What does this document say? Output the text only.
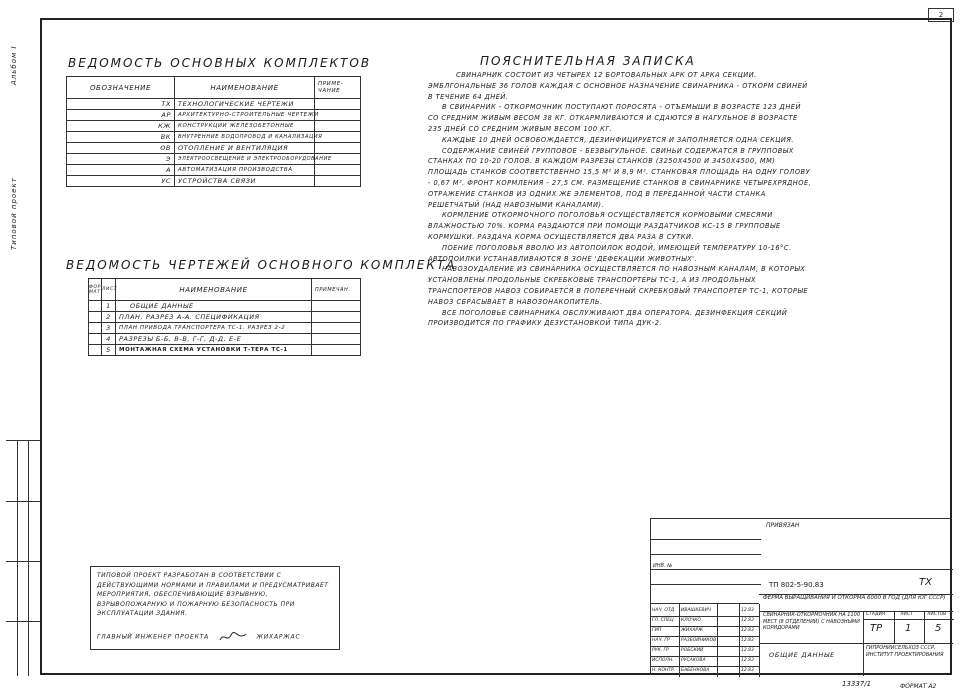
Альбом I
Типовой проект
2
ВЕДОМОСТЬ ОСНОВНЫХ КОМПЛЕКТОВ
ОБОЗНАЧЕНИЕ	НАИМЕНОВАНИЕ	ПРИМЕ-ЧАНИЕ
ТХ	ТЕХНОЛОГИЧЕСКИЕ ЧЕРТЕЖИ	
АР	АРХИТЕКТУРНО-СТРОИТЕЛЬНЫЕ ЧЕРТЕЖИ	
КЖ	КОНСТРУКЦИИ ЖЕЛЕЗОБЕТОННЫЕ	
ВК	ВНУТРЕННИЕ ВОДОПРОВОД И КАНАЛИЗАЦИЯ	
ОВ	ОТОПЛЕНИЕ И ВЕНТИЛЯЦИЯ	
Э	ЭЛЕКТРООСВЕЩЕНИЕ И ЭЛЕКТРООБОРУДОВАНИЕ	
А	АВТОМАТИЗАЦИЯ ПРОИЗВОДСТВА	
УС	УСТРОЙСТВА СВЯЗИ	
ВЕДОМОСТЬ ЧЕРТЕЖЕЙ ОСНОВНОГО КОМПЛЕКТА
ФОР-МАТ	ЛИСТ	НАИМЕНОВАНИЕ	ПРИМЕЧАН.
	1	ОБЩИЕ ДАННЫЕ	
	2	ПЛАН, РАЗРЕЗ А-А. СПЕЦИФИКАЦИЯ	
	3	ПЛАН ПРИВОДА ТРАНСПОРТЕРА ТС-1. РАЗРЕЗ 2-2	
	4	РАЗРЕЗЫ Б-Б, В-В, Г-Г, Д-Д, Е-Е	
	5	МОНТАЖНАЯ СХЕМА УСТАНОВКИ Т-ТЕРА ТС-1	
ПОЯСНИТЕЛЬНАЯ ЗАПИСКА

СВИНАРНИК СОСТОИТ ИЗ ЧЕТЫРЕХ 12 БОРТОВАЛЬНЫХ АРК ОТ АРКА СЕКЦИИ. ЭМБЛГОНАЛЬНЫЕ 36 ГОЛОВ КАЖДАЯ С ОСНОВНОЕ НАЗНАЧЕНИЕ СВИНАРНИКА - ОТКОРМ СВИНЕЙ В ТЕЧЕНИЕ 64 ДНЕЙ.

В СВИНАРНИК - ОТКОРМОЧНИК ПОСТУПАЮТ ПОРОСЯТА - ОТЪЕМЫШИ В ВОЗРАСТЕ 123 ДНЕЙ СО СРЕДНИМ ЖИВЫМ ВЕСОМ 38 КГ. ОТКАРМЛИВАЮТСЯ И СДАЮТСЯ В НАГУЛЬНОЕ В ВОЗРАСТЕ 235 ДНЕЙ СО СРЕДНИМ ЖИВЫМ ВЕСОМ 100 КГ.

КАЖДЫЕ 10 ДНЕЙ ОСВОБОЖДАЕТСЯ, ДЕЗИНФИЦИРУЕТСЯ И ЗАПОЛНЯЕТСЯ ОДНА СЕКЦИЯ.

СОДЕРЖАНИЕ СВИНЕЙ ГРУППОВОЕ - БЕЗВЫГУЛЬНОЕ. СВИНЬИ СОДЕРЖАТСЯ В ГРУППОВЫХ СТАНКАХ ПО 10-20 ГОЛОВ. В КАЖДОМ РАЗРЕЗЫ СТАНКОВ (3250Х4500 И 3450Х4500, ММ) ПЛОЩАДЬ СТАНКОВ СООТВЕТСТВЕННО 15,5 М² И 8,9 М². СТАНКОВАЯ ПЛОЩАДЬ НА ОДНУ ГОЛОВУ - 0,67 М². ФРОНТ КОРМЛЕНИЯ - 27,5 СМ. РАЗМЕЩЕНИЕ СТАНКОВ В СВИНАРНИКЕ ЧЕТЫРЕХРЯДНОЕ, ОТРАЖЕНИЕ СТАНКОВ ИЗ ОДНИХ ЖЕ ЭЛЕМЕНТОВ, ПОД В ПЕРЕДАННОЙ ЧАСТИ СТАНКА РЕШЕТЧАТЫЙ (НАД НАВОЗНЫМИ КАНАЛАМИ).

КОРМЛЕНИЕ ОТКОРМОЧНОГО ПОГОЛОВЬЯ ОСУЩЕСТВЛЯЕТСЯ КОРМОВЫМИ СМЕСЯМИ ВЛАЖНОСТЬЮ 70%. КОРМА РАЗДАЮТСЯ ПРИ ПОМОЩИ РАЗДАТЧИКОВ КС-15 В ГРУППОВЫЕ КОРМУШКИ. РАЗДАЧА КОРМА ОСУЩЕСТВЛЯЕТСЯ ДВА РАЗА В СУТКИ.

ПОЕНИЕ ПОГОЛОВЬЯ ВВОЛЮ ИЗ АВТОПОИЛОК ВОДОЙ, ИМЕЮЩЕЙ ТЕМПЕРАТУРУ 10-16°С. АВТОПОИЛКИ УСТАНАВЛИВАЮТСЯ В ЗОНЕ 'ДЕФЕКАЦИИ ЖИВОТНЫХ'.

НАВОЗОУДАЛЕНИЕ ИЗ СВИНАРНИКА ОСУЩЕСТВЛЯЕТСЯ ПО НАВОЗНЫМ КАНАЛАМ, В КОТОРЫХ УСТАНОВЛЕНЫ ПРОДОЛЬНЫЕ СКРЕБКОВЫЕ ТРАНСПОРТЕРЫ ТС-1, А ИЗ ПРОДОЛЬНЫХ ТРАНСПОРТЕРОВ НАВОЗ СОБИРАЕТСЯ В ПОПЕРЕЧНЫЙ СКРЕБКОВЫЙ ТРАНСПОРТЕР ТС-1, КОТОРЫЕ НАВОЗ СБРАСЫВАЕТ В НАВОЗОНАКОПИТЕЛЬ.

ВСЕ ПОГОЛОВЬЕ СВИНАРНИКА ОБСЛУЖИВАЮТ ДВА ОПЕРАТОРА. ДЕЗИНФЕКЦИЯ СЕКЦИЙ ПРОИЗВОДИТСЯ ПО ГРАФИКУ ДЕЗУСТАНОВКОЙ ТИПА ДУК-2.

ТИПОВОЙ ПРОЕКТ РАЗРАБОТАН В СООТВЕТСТВИИ С ДЕЙСТВУЮЩИМИ НОРМАМИ И ПРАВИЛАМИ И ПРЕДУСМАТРИВАЕТ МЕРОПРИЯТИЯ, ОБЕСПЕЧИВАЮЩИЕ ВЗРЫВНУЮ, ВЗРЫВОПОЖАРНУЮ И ПОЖАРНУЮ БЕЗОПАСНОСТЬ ПРИ ЭКСПЛУАТАЦИИ ЗДАНИЯ.
ГЛАВНЫЙ ИНЖЕНЕР ПРОЕКТА	ЖИХАРЖАС
ПРИВЯЗАН
ИНВ. №
ТП 802-5-90.83	ТХ
ФЕРМА ВЫРАЩИВАНИЯ И ОТКОРМА 6000 В ГОД (ДЛЯ ЮГ СССР)
СВИНАРНИК-ОТКОРМОЧНИК НА 1100 МЕСТ (8 ОТДЕЛЕНИЙ) С НАВОЗНЫМИ КОРИДОРАМИ
СТАДИЯ	ЛИСТ	ЛИСТОВ
ТР 1 5
ОБЩИЕ ДАННЫЕ
ГИПРОНИИСЕЛЬХОЗ СССР, ИНСТИТУТ ПРОЕКТИРОВАНИЯ
НАЧ. ОТД ИВАШКЕВИЧ	12.83
ГЛ. СПЕЦ КЛОЧКО	12.83
ГИП	ЖИХАРЖ	12.83
НАЧ. ГР	РАЗБОЙНИКОВ	12.83
РУК. ГР	РОБСКИЙ	12.83
ИСПОЛН. РУСАКОВА	12.83
Н. КОНТР. БАБЕНКОВА	12.83
13337/1	ФОРМАТ А2
